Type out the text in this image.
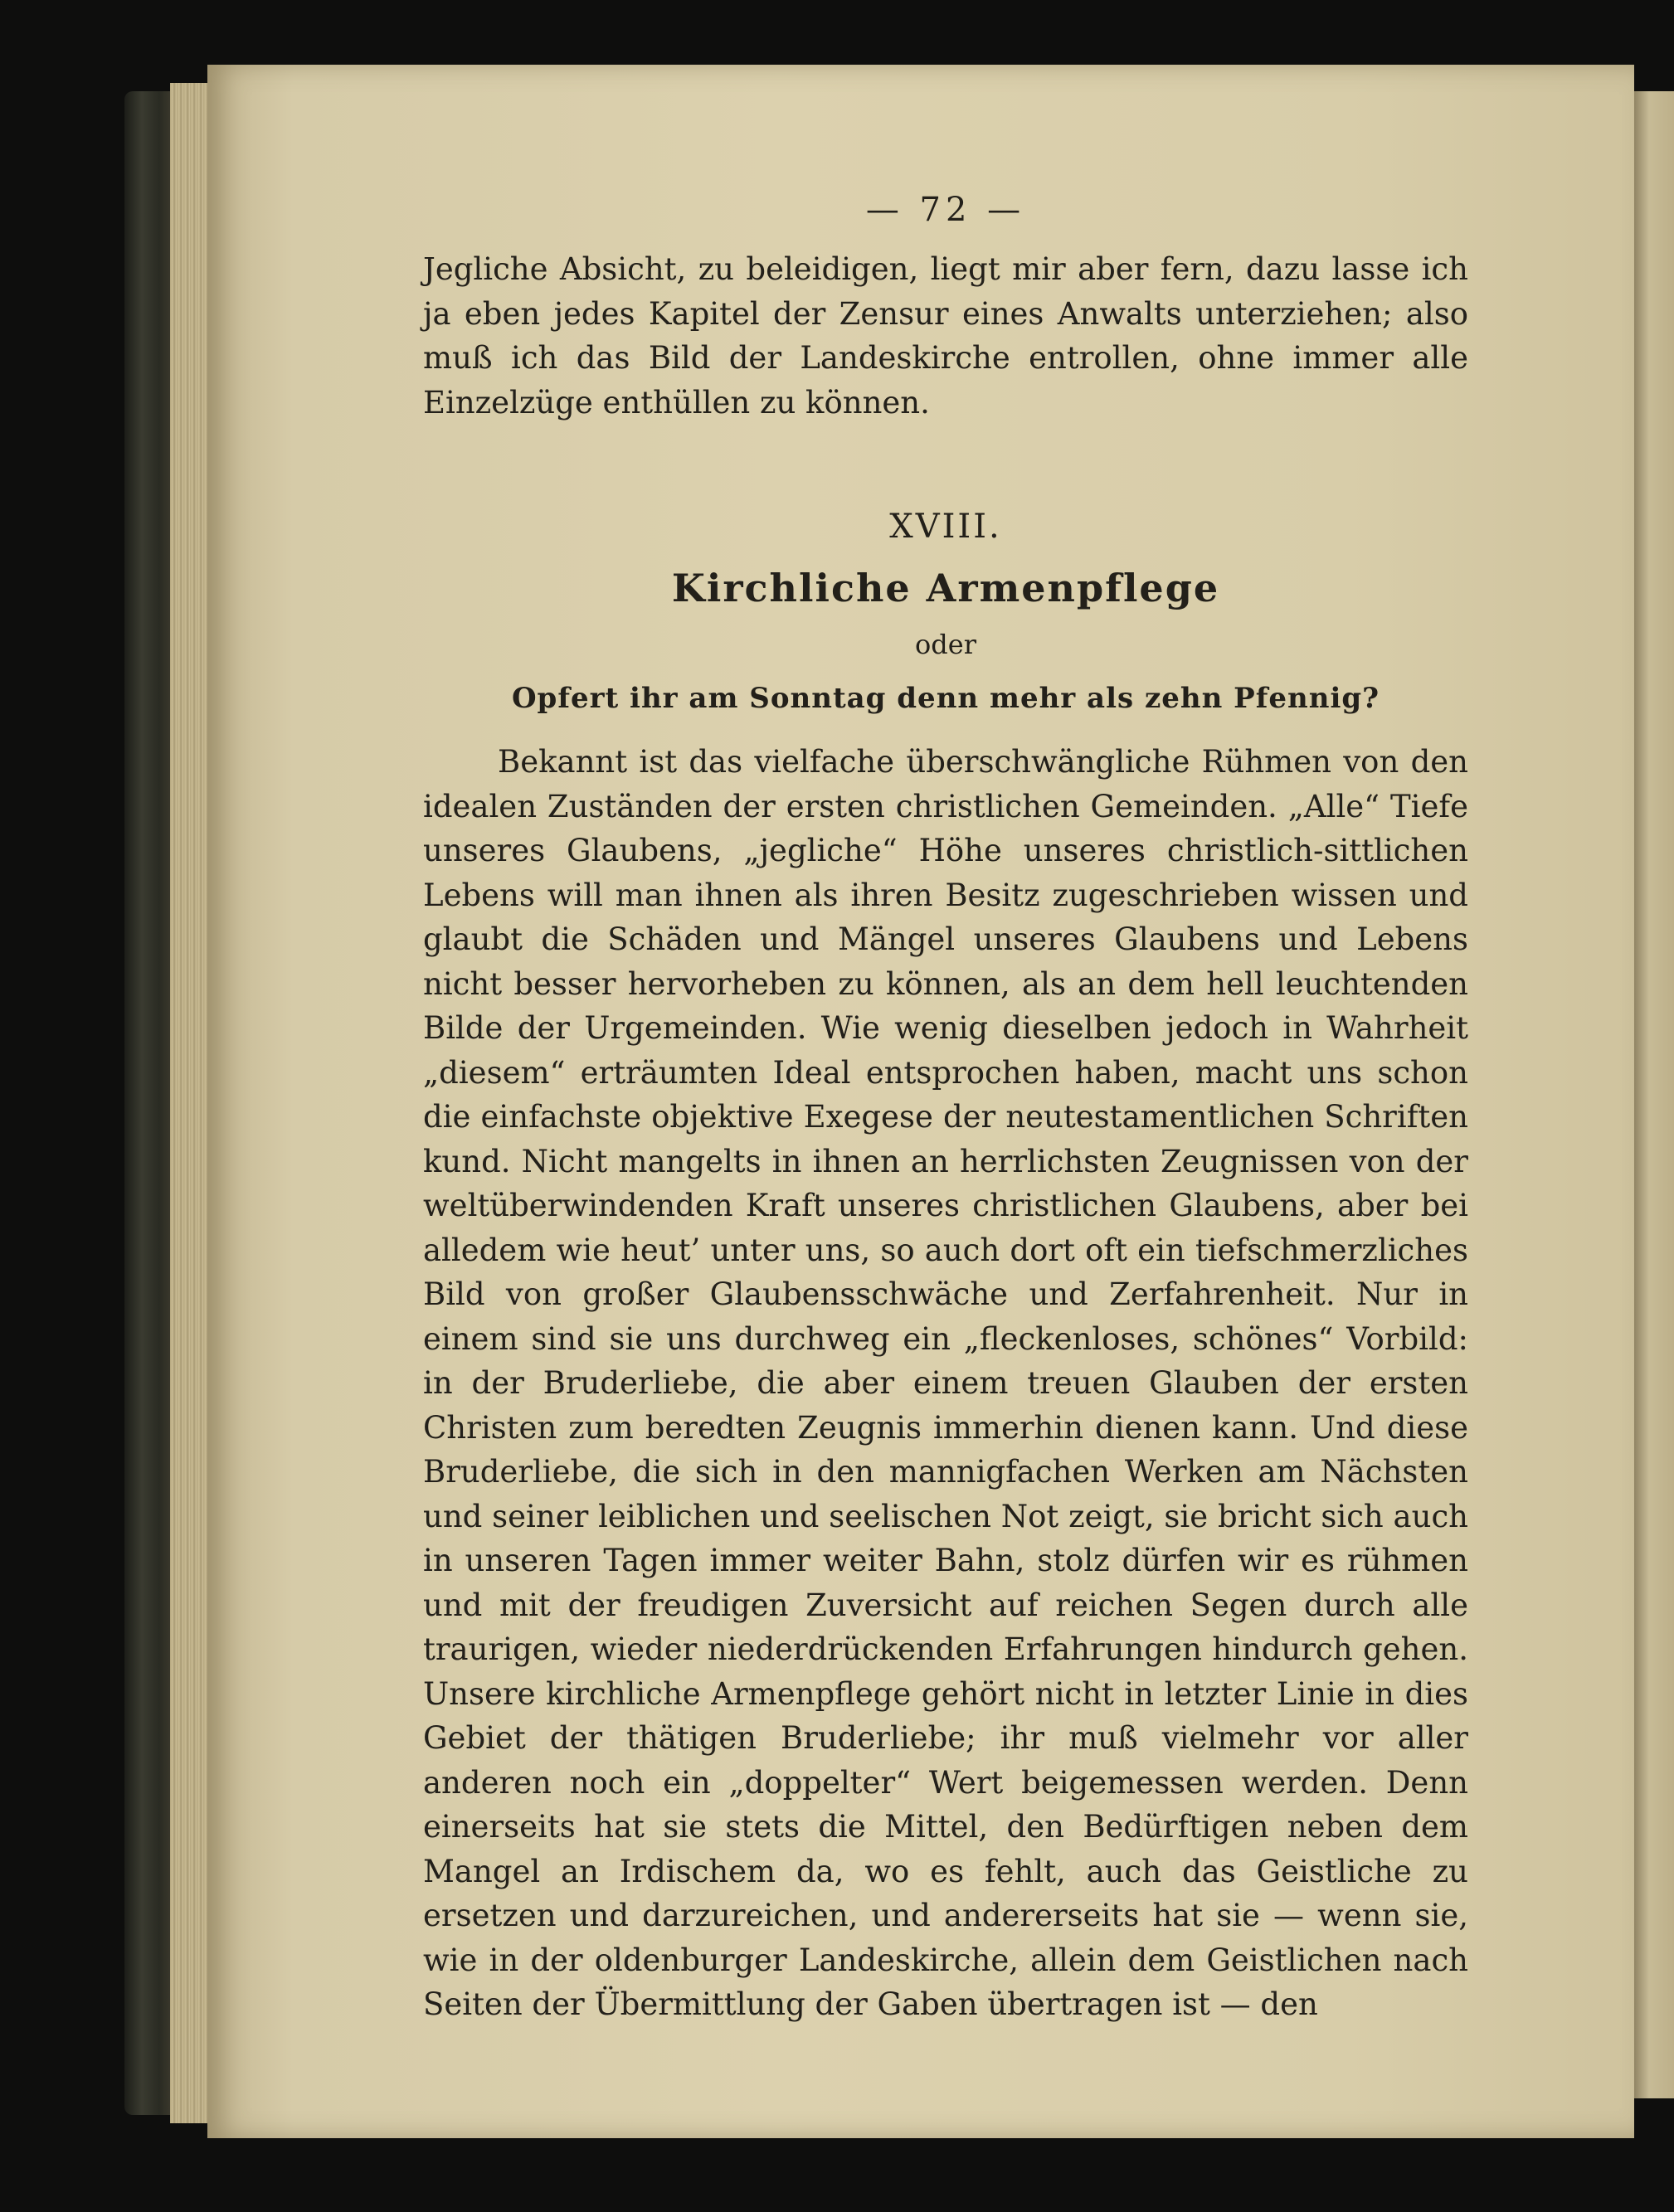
— 72 —

Jegliche Absicht, zu beleidigen, liegt mir aber fern, dazu lasse ich ja eben jedes Kapitel der Zensur eines Anwalts unterziehen; also muß ich das Bild der Landeskirche entrollen, ohne immer alle Einzelzüge enthüllen zu können.

XVIII.
Kirchliche Armenpflege
oder
Opfert ihr am Sonntag denn mehr als zehn Pfennig?

Bekannt ist das vielfache überschwängliche Rühmen von den idealen Zuständen der ersten christlichen Gemeinden. „Alle“ Tiefe unseres Glaubens, „jegliche“ Höhe unseres christlich-sittlichen Lebens will man ihnen als ihren Besitz zugeschrieben wissen und glaubt die Schäden und Mängel unseres Glaubens und Lebens nicht besser hervorheben zu können, als an dem hell leuchtenden Bilde der Urgemeinden. Wie wenig dieselben jedoch in Wahrheit „diesem“ erträumten Ideal entsprochen haben, macht uns schon die einfachste objektive Exegese der neutestamentlichen Schriften kund. Nicht mangelts in ihnen an herrlichsten Zeugnissen von der weltüberwindenden Kraft unseres christlichen Glaubens, aber bei alledem wie heut’ unter uns, so auch dort oft ein tiefschmerzliches Bild von großer Glaubensschwäche und Zerfahrenheit. Nur in einem sind sie uns durchweg ein „fleckenloses, schönes“ Vorbild: in der Bruderliebe, die aber einem treuen Glauben der ersten Christen zum beredten Zeugnis immerhin dienen kann. Und diese Bruderliebe, die sich in den mannigfachen Werken am Nächsten und seiner leiblichen und seelischen Not zeigt, sie bricht sich auch in unseren Tagen immer weiter Bahn, stolz dürfen wir es rühmen und mit der freudigen Zuversicht auf reichen Segen durch alle traurigen, wieder niederdrückenden Erfahrungen hindurch gehen. Unsere kirchliche Armenpflege gehört nicht in letzter Linie in dies Gebiet der thätigen Bruderliebe; ihr muß vielmehr vor aller anderen noch ein „doppelter“ Wert beigemessen werden. Denn einerseits hat sie stets die Mittel, den Bedürftigen neben dem Mangel an Irdischem da, wo es fehlt, auch das Geistliche zu ersetzen und darzureichen, und andererseits hat sie — wenn sie, wie in der oldenburger Landeskirche, allein dem Geistlichen nach Seiten der Übermittlung der Gaben übertragen ist — den
